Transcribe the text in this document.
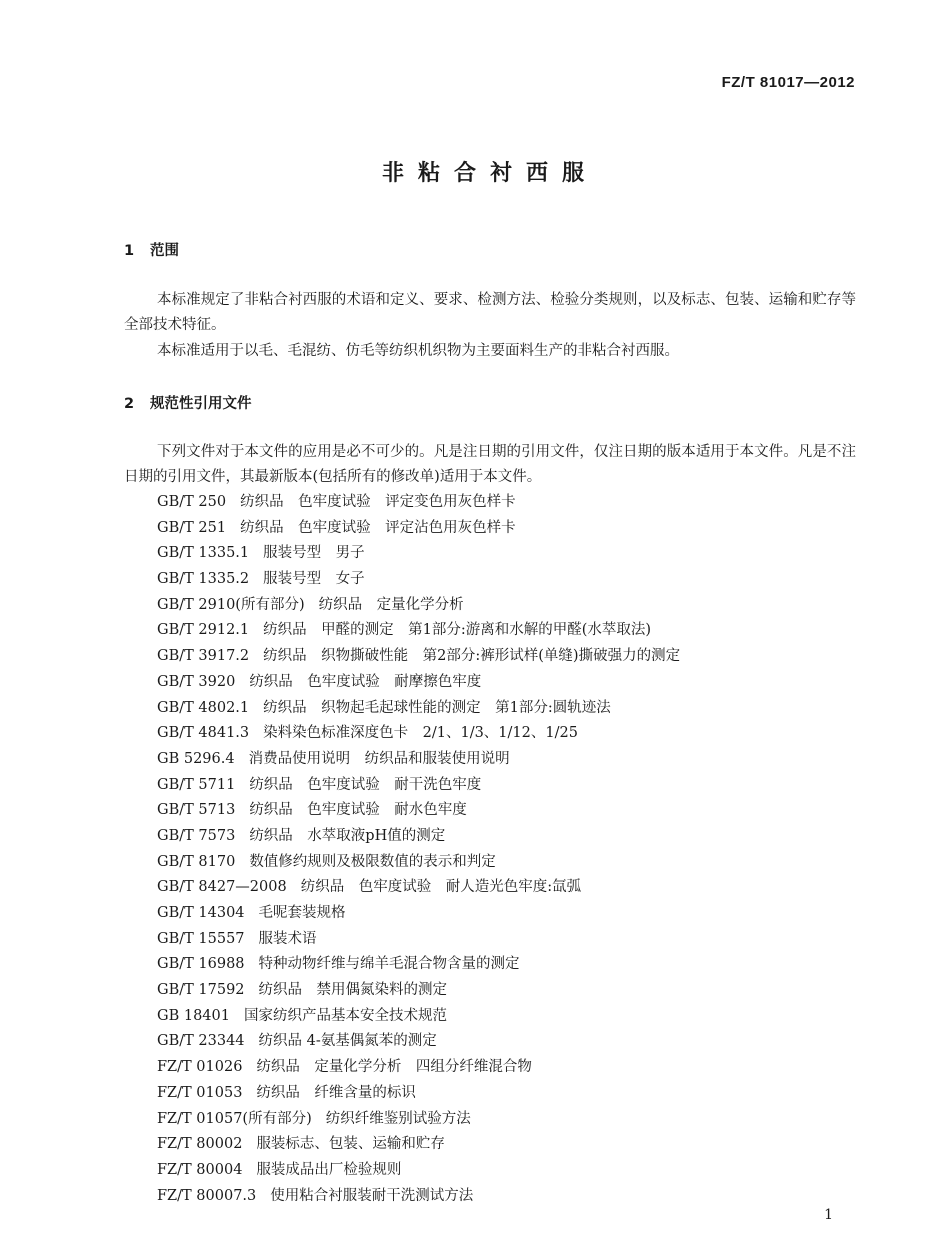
FZ/T 81017—2012
非粘合衬西服
1 范围
本标准规定了非粘合衬西服的术语和定义、要求、检测方法、检验分类规则，以及标志、包装、运输和贮存等全部技术特征。
本标准适用于以毛、毛混纺、仿毛等纺织机织物为主要面料生产的非粘合衬西服。
2 规范性引用文件
下列文件对于本文件的应用是必不可少的。凡是注日期的引用文件，仅注日期的版本适用于本文件。凡是不注日期的引用文件，其最新版本(包括所有的修改单)适用于本文件。
GB/T 250 纺织品　色牢度试验　评定变色用灰色样卡
GB/T 251 纺织品　色牢度试验　评定沾色用灰色样卡
GB/T 1335.1 服装号型　男子
GB/T 1335.2 服装号型　女子
GB/T 2910(所有部分) 纺织品　定量化学分析
GB/T 2912.1 纺织品　甲醛的测定　第1部分:游离和水解的甲醛(水萃取法)
GB/T 3917.2 纺织品　织物撕破性能　第2部分:裤形试样(单缝)撕破强力的测定
GB/T 3920 纺织品　色牢度试验　耐摩擦色牢度
GB/T 4802.1 纺织品　织物起毛起球性能的测定　第1部分:圆轨迹法
GB/T 4841.3 染料染色标准深度色卡　2/1、1/3、1/12、1/25
GB 5296.4 消费品使用说明　纺织品和服装使用说明
GB/T 5711 纺织品　色牢度试验　耐干洗色牢度
GB/T 5713 纺织品　色牢度试验　耐水色牢度
GB/T 7573 纺织品　水萃取液pH值的测定
GB/T 8170 数值修约规则及极限数值的表示和判定
GB/T 8427—2008 纺织品　色牢度试验　耐人造光色牢度:氙弧
GB/T 14304 毛呢套装规格
GB/T 15557 服装术语
GB/T 16988 特种动物纤维与绵羊毛混合物含量的测定
GB/T 17592 纺织品　禁用偶氮染料的测定
GB 18401 国家纺织产品基本安全技术规范
GB/T 23344 纺织品 4-氨基偶氮苯的测定
FZ/T 01026 纺织品　定量化学分析　四组分纤维混合物
FZ/T 01053 纺织品　纤维含量的标识
FZ/T 01057(所有部分) 纺织纤维鉴别试验方法
FZ/T 80002 服装标志、包装、运输和贮存
FZ/T 80004 服装成品出厂检验规则
FZ/T 80007.3 使用粘合衬服装耐干洗测试方法
1
